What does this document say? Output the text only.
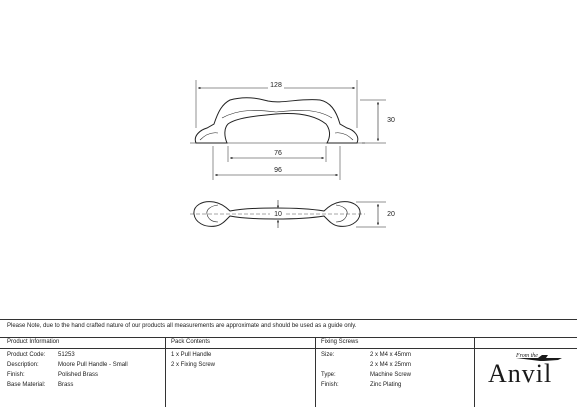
128
30
76
96
10	20
Please Note, due to the hand crafted nature of our products all measurements are approximate and should be used as a guide only.
Product Information
Product Code: 51253
Description:	Moore Pull Handle - Small
Finish:	Polished Brass
Base Material: Brass
Pack Contents
1 x Pull Handle
2 x Fixing Screw
Fixing Screws
Size:	2 x M4 x 45mm
2 x M4 x 25mm
Type:	Machine Screw
Finish:	Zinc Plating
From the
Anvil
